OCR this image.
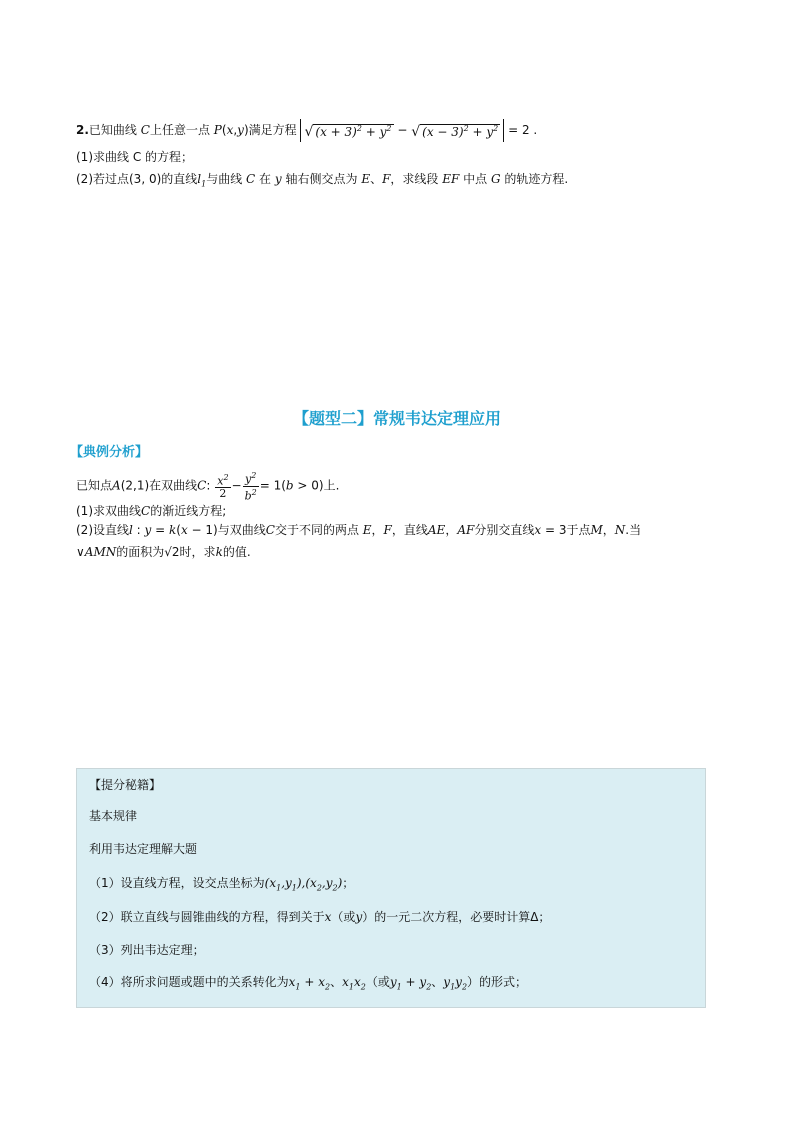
2.已知曲线 C上任意一点 P(x,y)满足方程 √ $(x + 3)^2 + y^2$ − √ $(x - 3)^2 + y^2 = 2$ .
(1)求曲线 C 的方程；
(2)若过点(3, 0)的直线$l_1$与曲线 C 在 y 轴右侧交点为 E、F，求线段 EF 中点 G 的轨迹方程.
【题型二】常规韦达定理应用
【典例分析】
已知点A(2,1)在双曲线C: $\frac{x^2}{2} - \frac{y^2}{b^2} = 1(b > 0)$上.
(1)求双曲线C的渐近线方程;
(2)设直线l : y = k(x − 1)与双曲线C交于不同的两点 E，F，直线AE，AF分别交直线x = 3于点M，N.当
∨AMN的面积为√2时，求k的值.
【提分秘籍】
基本规律
利用韦达定理解大题
（1）设直线方程，设交点坐标为$(x_1,y_1),(x_2,y_2)$；
（2）联立直线与圆锥曲线的方程，得到关于x（或y）的一元二次方程，必要时计算Δ；
（3）列出韦达定理；
（4）将所求问题或题中的关系转化为$x_1 + x_2$、$x_1x_2$（或$y_1 + y_2$、$y_1y_2$）的形式；
